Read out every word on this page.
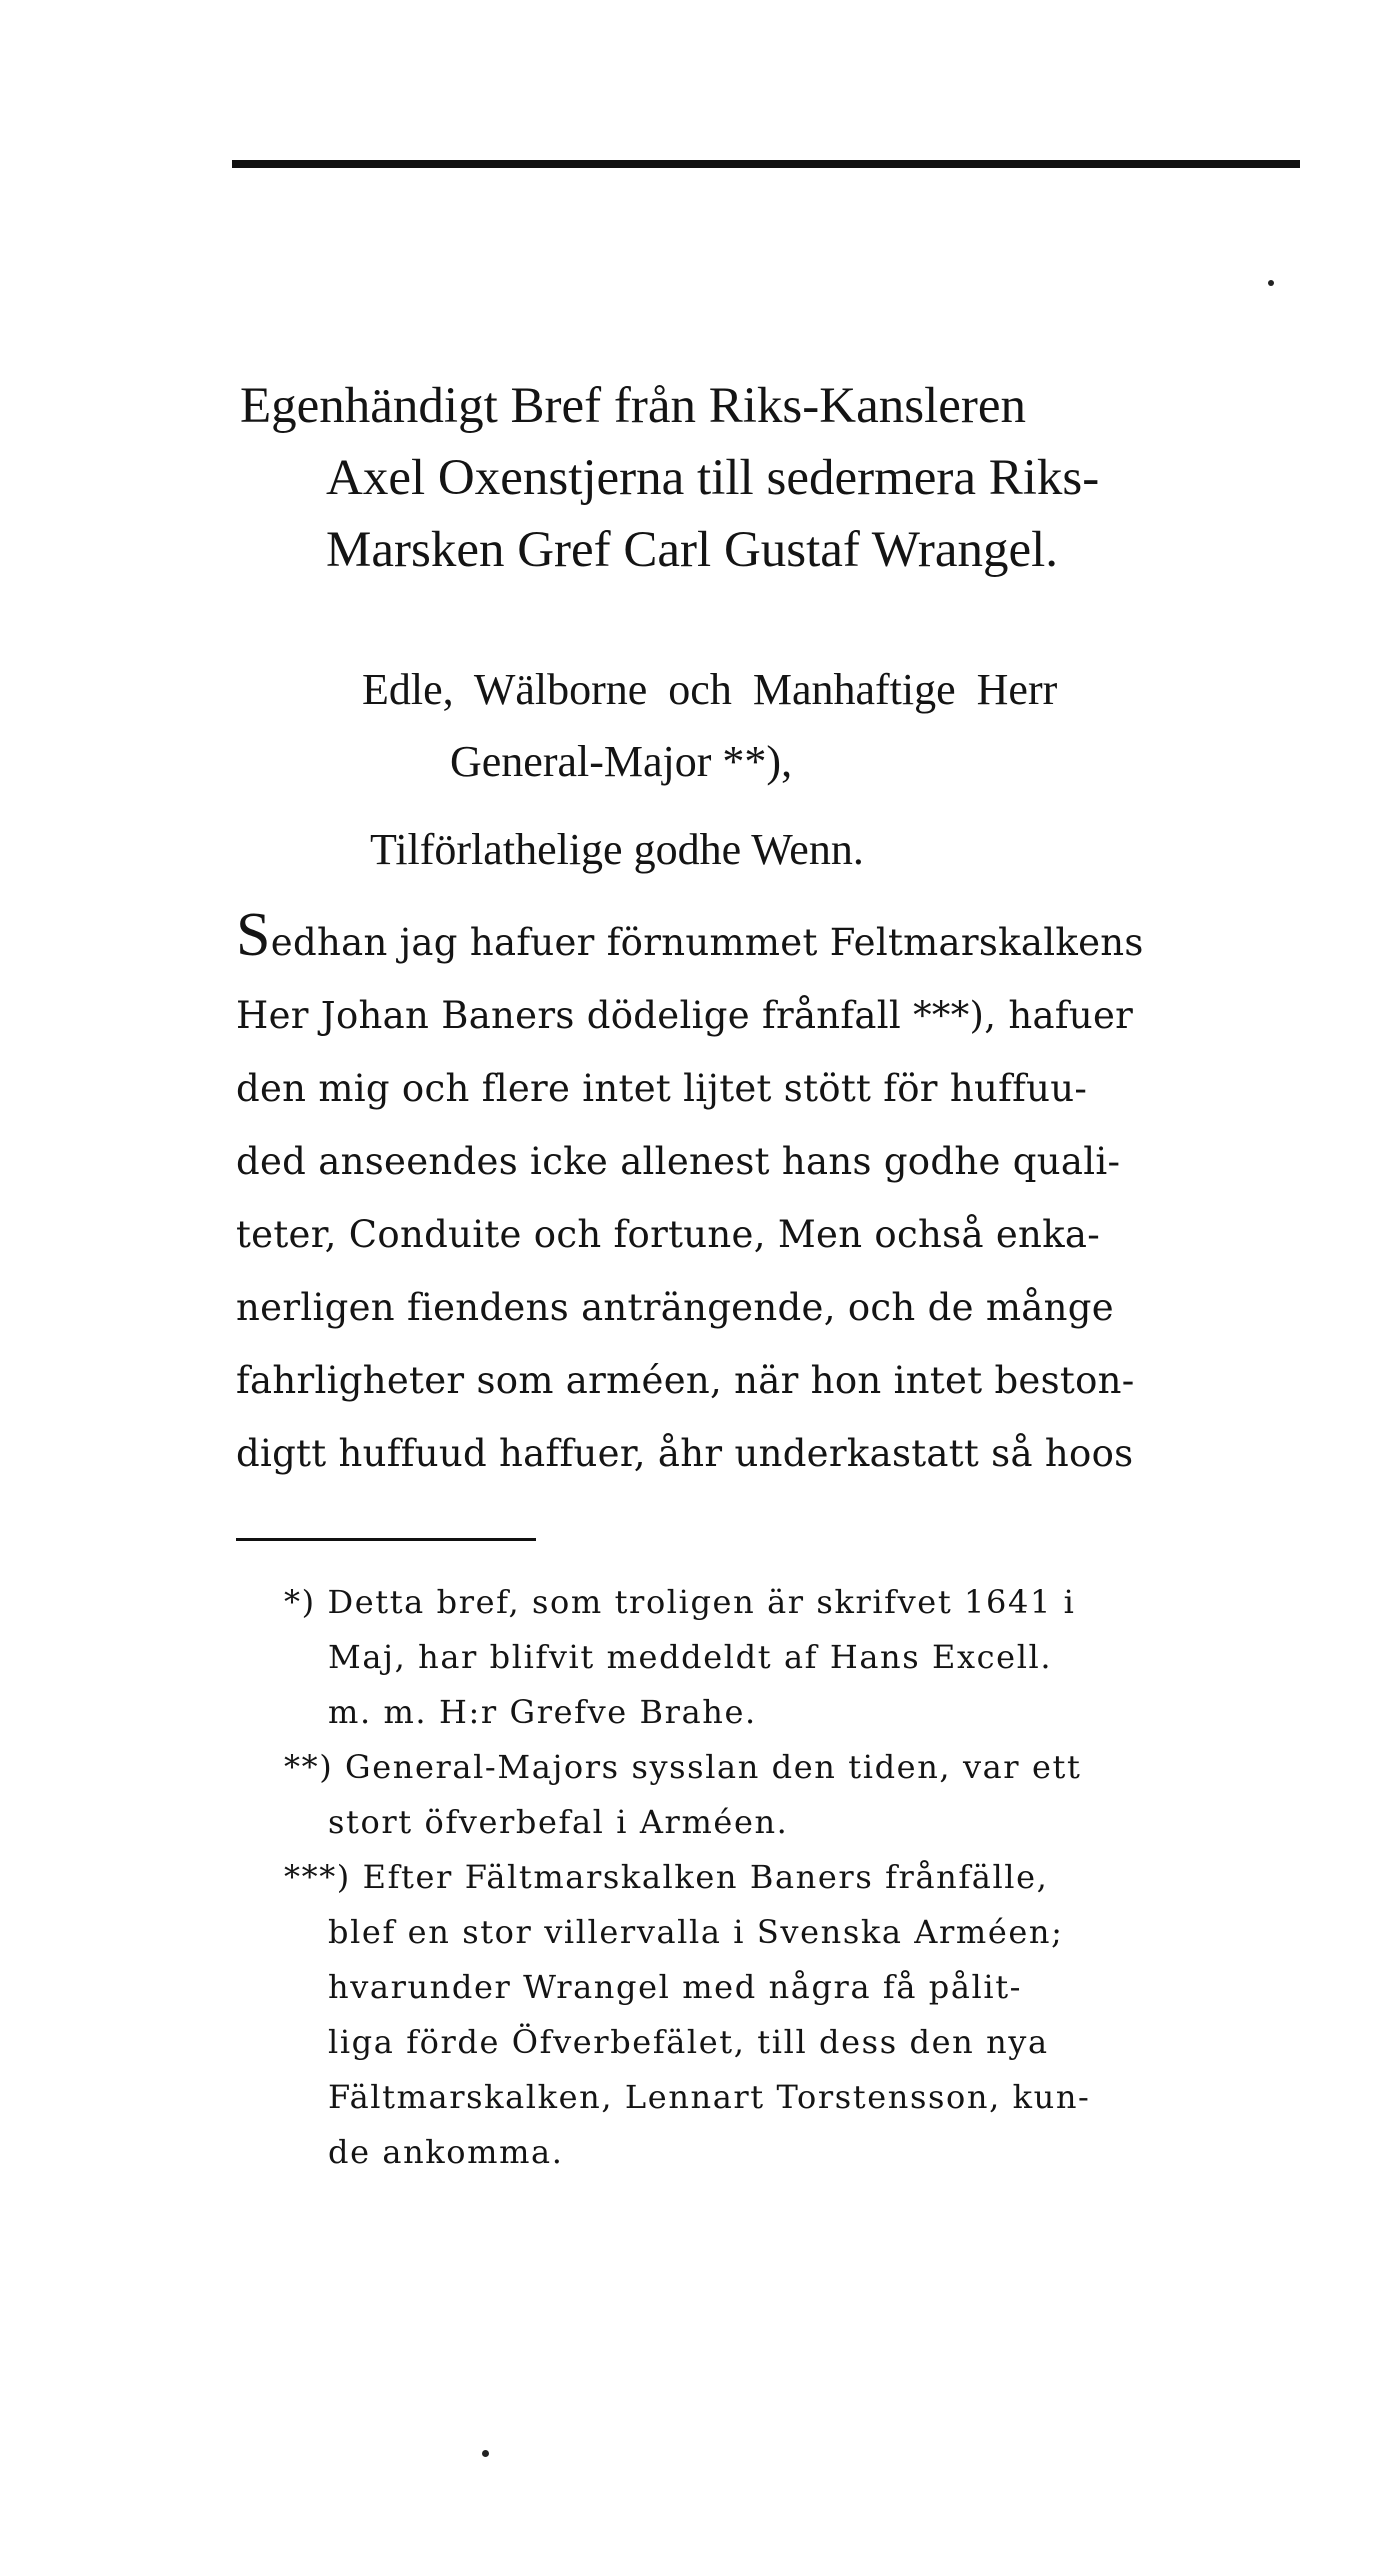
Egenhändigt Bref från Riks-Kansleren
Axel Oxenstjerna till sedermera Riks-
Marsken Gref Carl Gustaf Wrangel.
Edle, Wälborne och Manhaftige Herr
General-Major **),
Tilförlathelige godhe Wenn.
Sedhan jag hafuer förnummet Feltmarskalkens
Her Johan Baners dödelige frånfall ***), hafuer
den mig och flere intet lijtet stött för huffuu-
ded anseendes icke allenest hans godhe quali-
teter, Conduite och fortune, Men ochså enka-
nerligen fiendens anträngende, och de månge
fahrligheter som arméen, när hon intet beston-
digtt huffuud haffuer, åhr underkastatt så hoos
*) Detta bref, som troligen är skrifvet 1641 i
Maj, har blifvit meddeldt af Hans Excell.
m. m. H:r Grefve Brahe.
**) General-Majors sysslan den tiden, var ett
stort öfverbefal i Arméen.
***) Efter Fältmarskalken Baners frånfälle,
blef en stor villervalla i Svenska Arméen;
hvarunder Wrangel med några få pålit-
liga förde Öfverbefälet, till dess den nya
Fältmarskalken, Lennart Torstensson, kun-
de ankomma.
